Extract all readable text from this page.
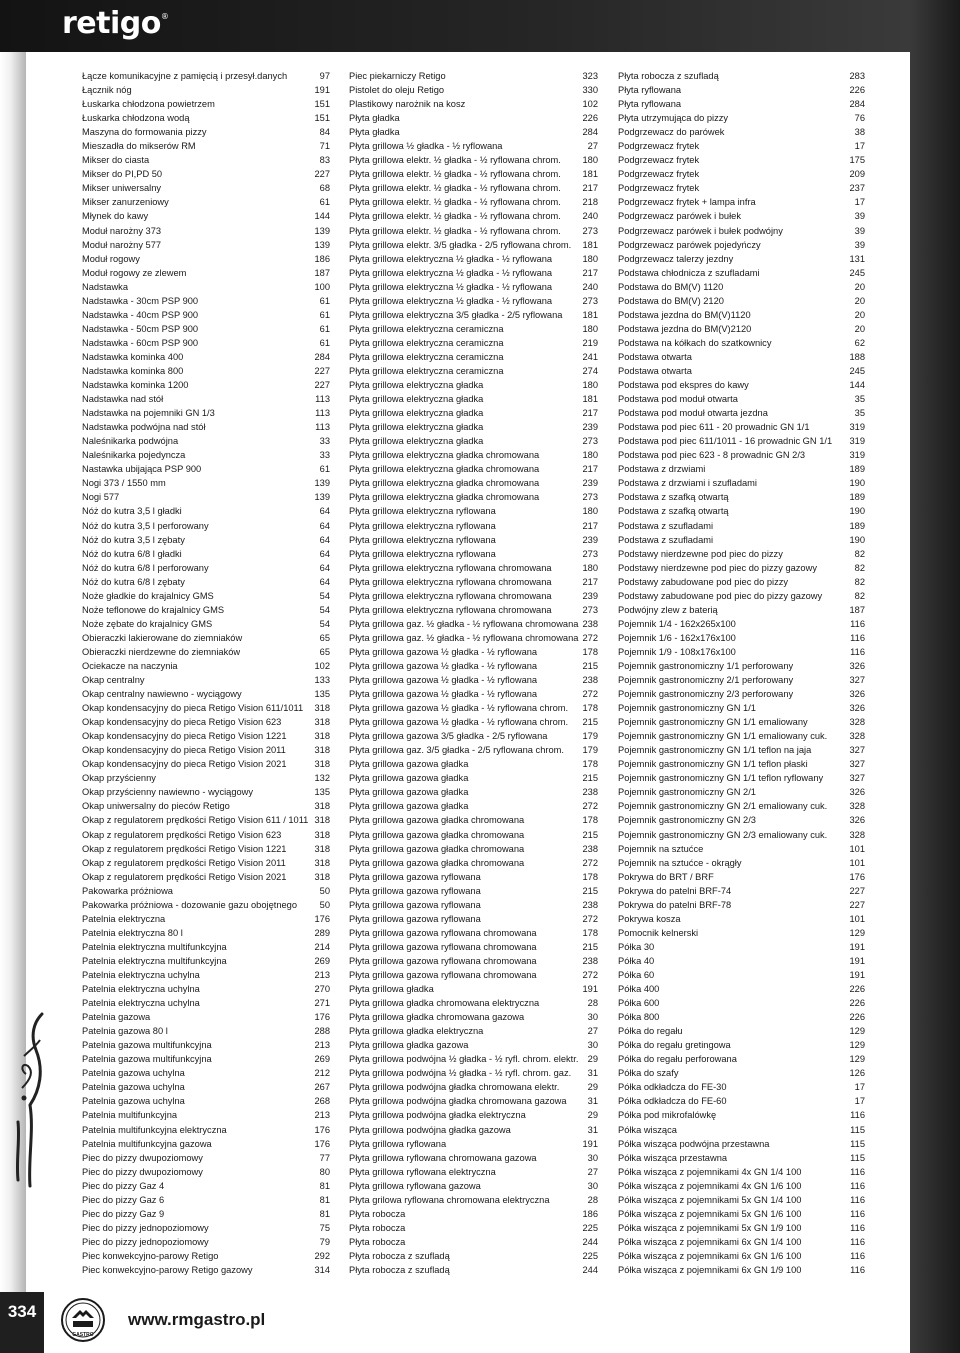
retigo®
Łącze komunikacyjne z pamięcią i przesył.danych	97
Łącznik nóg	191
Łuskarka chłodzona powietrzem	151
Łuskarka chłodzona wodą	151
Maszyna do formowania pizzy	84
Mieszadła do mikserów RM	71
Mikser do ciasta	83
Mikser do PI,PD 50	227
Mikser uniwersalny	68
Mikser zanurzeniowy	61
Młynek do kawy	144
Moduł narożny 373	139
Moduł narożny 577	139
Moduł rogowy	186
Moduł rogowy ze zlewem	187
Nadstawka	100
Nadstawka - 30cm PSP 900	61
Nadstawka - 40cm PSP 900	61
Nadstawka - 50cm PSP 900	61
Nadstawka - 60cm PSP 900	61
Nadstawka kominka 400	284
Nadstawka kominka 800	227
Nadstawka kominka 1200	227
Nadstawka nad stół	113
Nadstawka na pojemniki GN 1/3	113
Nadstawka podwójna nad stół	113
Naleśnikarka podwójna	33
Naleśnikarka pojedyncza	33
Nastawka ubijająca PSP 900	61
Nogi 373 / 1550 mm	139
Nogi 577	139
Nóż do kutra 3,5 l gładki	64
Nóż do kutra 3,5 l perforowany	64
Nóż do kutra 3,5 l zębaty	64
Nóż do kutra 6/8 l gładki	64
Nóż do kutra 6/8 l perforowany	64
Nóż do kutra 6/8 l zębaty	64
Noże gładkie do krajalnicy GMS	54
Noże teflonowe do krajalnicy GMS	54
Noże zębate do krajalnicy GMS	54
Obieraczki lakierowane do ziemniaków	65
Obieraczki nierdzewne do ziemniaków	65
Ociekacze na naczynia	102
Okap centralny	133
Okap centralny nawiewno - wyciągowy	135
Okap kondensacyjny do pieca Retigo Vision 611/1011 318
Okap kondensacyjny do pieca Retigo Vision 623	318
Okap kondensacyjny do pieca Retigo Vision 1221	318
Okap kondensacyjny do pieca Retigo Vision 2011	318
Okap kondensacyjny do pieca Retigo Vision 2021	318
Okap przyścienny	132
Okap przyścienny nawiewno - wyciągowy	135
Okap uniwersalny do pieców Retigo	318
Okap z regulatorem prędkości Retigo Vision 611 / 1011 318
Okap z regulatorem prędkości Retigo Vision 623	318
Okap z regulatorem prędkości Retigo Vision 1221	318
Okap z regulatorem prędkości Retigo Vision 2011	318
Okap z regulatorem prędkości Retigo Vision 2021	318
Pakowarka próżniowa	50
Pakowarka próżniowa - dozowanie gazu obojętnego 50
Patelnia elektryczna	176
Patelnia elektryczna 80 l	289
Patelnia elektryczna multifunkcyjna	214
Patelnia elektryczna multifunkcyjna	269
Patelnia elektryczna uchylna	213
Patelnia elektryczna uchylna	270
Patelnia elektryczna uchylna	271
Patelnia gazowa	176
Patelnia gazowa 80 l	288
Patelnia gazowa multifunkcyjna	213
Patelnia gazowa multifunkcyjna	269
Patelnia gazowa uchylna	212
Patelnia gazowa uchylna	267
Patelnia gazowa uchylna	268
Patelnia multifunkcyjna	213
Patelnia multifunkcyjna elektryczna	176
Patelnia multifunkcyjna gazowa	176
Piec do pizzy dwupoziomowy	77
Piec do pizzy dwupoziomowy	80
Piec do pizzy Gaz 4	81
Piec do pizzy Gaz 6	81
Piec do pizzy Gaz 9	81
Piec do pizzy jednopoziomowy	75
Piec do pizzy jednopoziomowy	79
Piec konwekcyjno-parowy Retigo	292
Piec konwekcyjno-parowy Retigo gazowy	314
Piec piekarniczy Retigo	323
Pistolet do oleju Retigo	330
Plastikowy narożnik na kosz	102
Płyta gładka	226
Płyta gładka	284
Płyta grillowa ½ gładka - ½ ryflowana	27
Płyta grillowa elektr. ½ gładka - ½ ryflowana chrom. 180
Płyta grillowa elektr. ½ gładka - ½ ryflowana chrom. 181
Płyta grillowa elektr. ½ gładka - ½ ryflowana chrom. 217
Płyta grillowa elektr. ½ gładka - ½ ryflowana chrom. 218
Płyta grillowa elektr. ½ gładka - ½ ryflowana chrom. 240
Płyta grillowa elektr. ½ gładka - ½ ryflowana chrom. 273
Płyta grillowa elektr. 3/5 gładka - 2/5 ryflowana chrom. 181
Płyta grillowa elektryczna ½ gładka - ½ ryflowana	180
Płyta grillowa elektryczna ½ gładka - ½ ryflowana	217
Płyta grillowa elektryczna ½ gładka - ½ ryflowana	240
Płyta grillowa elektryczna ½ gładka - ½ ryflowana	273
Płyta grillowa elektryczna 3/5 gładka - 2/5 ryflowana 181
Płyta grillowa elektryczna ceramiczna	180
Płyta grillowa elektryczna ceramiczna	219
Płyta grillowa elektryczna ceramiczna	241
Płyta grillowa elektryczna ceramiczna	274
Płyta grillowa elektryczna gładka	180
Płyta grillowa elektryczna gładka	181
Płyta grillowa elektryczna gładka	217
Płyta grillowa elektryczna gładka	239
Płyta grillowa elektryczna gładka	273
Płyta grillowa elektryczna gładka chromowana	180
Płyta grillowa elektryczna gładka chromowana	217
Płyta grillowa elektryczna gładka chromowana	239
Płyta grillowa elektryczna gładka chromowana	273
Płyta grillowa elektryczna ryflowana	180
Płyta grillowa elektryczna ryflowana	217
Płyta grillowa elektryczna ryflowana	239
Płyta grillowa elektryczna ryflowana	273
Płyta grillowa elektryczna ryflowana chromowana	180
Płyta grillowa elektryczna ryflowana chromowana	217
Płyta grillowa elektryczna ryflowana chromowana	239
Płyta grillowa elektryczna ryflowana chromowana	273
Płyta grillowa gaz. ½ gładka - ½ ryflowana chromowana 238
Płyta grillowa gaz. ½ gładka - ½ ryflowana chromowana 272
Płyta grillowa gazowa ½ gładka - ½ ryflowana	178
Płyta grillowa gazowa ½ gładka - ½ ryflowana	215
Płyta grillowa gazowa ½ gładka - ½ ryflowana	238
Płyta grillowa gazowa ½ gładka - ½ ryflowana	272
Płyta grillowa gazowa ½ gładka - ½ ryflowana chrom. 178
Płyta grillowa gazowa ½ gładka - ½ ryflowana chrom. 215
Płyta grillowa gazowa 3/5 gładka - 2/5 ryflowana	179
Płyta grillowa gaz. 3/5 gładka - 2/5 ryflowana chrom. 179
Płyta grillowa gazowa gładka	178
Płyta grillowa gazowa gładka	215
Płyta grillowa gazowa gładka	238
Płyta grillowa gazowa gładka	272
Płyta grillowa gazowa gładka chromowana	178
Płyta grillowa gazowa gładka chromowana	215
Płyta grillowa gazowa gładka chromowana	238
Płyta grillowa gazowa gładka chromowana	272
Płyta grillowa gazowa ryflowana	178
Płyta grillowa gazowa ryflowana	215
Płyta grillowa gazowa ryflowana	238
Płyta grillowa gazowa ryflowana	272
Płyta grillowa gazowa ryflowana chromowana	178
Płyta grillowa gazowa ryflowana chromowana	215
Płyta grillowa gazowa ryflowana chromowana	238
Płyta grillowa gazowa ryflowana chromowana	272
Płyta grillowa gładka	191
Płyta grillowa gładka chromowana elektryczna	28
Płyta grillowa gładka chromowana gazowa	30
Płyta grillowa gładka elektryczna	27
Płyta grillowa gładka gazowa	30
Płyta grillowa podwójna ½ gładka - ½ ryfl. chrom. elektr. 29
Płyta grillowa podwójna ½ gładka - ½ ryfl. chrom. gaz. 31
Płyta grillowa podwójna gładka chromowana elektr.	29
Płyta grillowa podwójna gładka chromowana gazowa 31
Płyta grillowa podwójna gładka elektryczna	29
Płyta grillowa podwójna gładka gazowa	31
Płyta grillowa ryflowana	191
Płyta grillowa ryflowana chromowana gazowa	30
Płyta grillowa ryflowana elektryczna	27
Płyta grillowa ryflowana gazowa	30
Płyta grilowa ryflowana chromowana elektryczna	28
Płyta robocza	186
Płyta robocza	225
Płyta robocza	244
Płyta robocza z szufladą	225
Płyta robocza z szufladą	244
Płyta robocza z szufladą	283
Płyta ryflowana	226
Płyta ryflowana	284
Płyta utrzymująca do pizzy	76
Podgrzewacz do parówek	38
Podgrzewacz frytek	17
Podgrzewacz frytek	175
Podgrzewacz frytek	209
Podgrzewacz frytek	237
Podgrzewacz frytek + lampa infra	17
Podgrzewacz parówek i bułek	39
Podgrzewacz parówek i bułek podwójny	39
Podgrzewacz parówek pojedyńczy	39
Podgrzewacz talerzy jezdny	131
Podstawa chłodnicza z szufladami	245
Podstawa do BM(V) 1120	20
Podstawa do BM(V) 2120	20
Podstawa jezdna do BM(V)1120	20
Podstawa jezdna do BM(V)2120	20
Podstawa na kółkach do szatkownicy	62
Podstawa otwarta	188
Podstawa otwarta	245
Podstawa pod ekspres do kawy	144
Podstawa pod moduł otwarta	35
Podstawa pod moduł otwarta jezdna	35
Podstawa pod piec 611 - 20 prowadnic GN 1/1	319
Podstawa pod piec 611/1011 - 16 prowadnic GN 1/1 319
Podstawa pod piec 623 - 8 prowadnic GN 2/3	319
Podstawa z drzwiami	189
Podstawa z drzwiami i szufladami	190
Podstawa z szafką otwartą	189
Podstawa z szafką otwartą	190
Podstawa z szufladami	189
Podstawa z szufladami	190
Podstawy nierdzewne pod piec do pizzy	82
Podstawy nierdzewne pod piec do pizzy gazowy	82
Podstawy zabudowane pod piec do pizzy	82
Podstawy zabudowane pod piec do pizzy gazowy	82
Podwójny zlew z baterią	187
Pojemnik 1/4 - 162x265x100	116
Pojemnik 1/6 - 162x176x100	116
Pojemnik 1/9 - 108x176x100	116
Pojemnik gastronomiczny 1/1 perforowany	326
Pojemnik gastronomiczny 2/1 perforowany	327
Pojemnik gastronomiczny 2/3 perforowany	326
Pojemnik gastronomiczny GN 1/1	326
Pojemnik gastronomiczny GN 1/1 emaliowany	328
Pojemnik gastronomiczny GN 1/1 emaliowany cuk. 328
Pojemnik gastronomiczny GN 1/1 teflon na jaja	327
Pojemnik gastronomiczny GN 1/1 teflon płaski	327
Pojemnik gastronomiczny GN 1/1 teflon ryflowany	327
Pojemnik gastronomiczny GN 2/1	326
Pojemnik gastronomiczny GN 2/1 emaliowany cuk. 328
Pojemnik gastronomiczny GN 2/3	326
Pojemnik gastronomiczny GN 2/3 emaliowany cuk. 328
Pojemnik na sztućce	101
Pojemnik na sztućce - okrągły	101
Pokrywa do BRT / BRF	176
Pokrywa do patelni BRF-74	227
Pokrywa do patelni BRF-78	227
Pokrywa kosza	101
Pomocnik kelnerski	129
Półka 30	191
Półka 40	191
Półka 60	191
Półka 400	226
Półka 600	226
Półka 800	226
Półka do regału	129
Półka do regału gretingowa	129
Półka do regału perforowana	129
Półka do szafy	126
Półka odkładcza do FE-30	17
Półka odkładcza do FE-60	17
Półka pod mikrofalówkę	116
Półka wisząca	115
Półka wisząca podwójna przestawna	115
Półka wisząca przestawna	115
Półka wisząca z pojemnikami 4x GN 1/4 100	116
Półka wisząca z pojemnikami 4x GN 1/6 100	116
Półka wisząca z pojemnikami 5x GN 1/4 100	116
Półka wisząca z pojemnikami 5x GN 1/6 100	116
Półka wisząca z pojemnikami 5x GN 1/9 100	116
Półka wisząca z pojemnikami 6x GN 1/4 100	116
Półka wisząca z pojemnikami 6x GN 1/6 100	116
Półka wisząca z pojemnikami 6x GN 1/9 100	116
334
GASTRO
www.rmgastro.pl
